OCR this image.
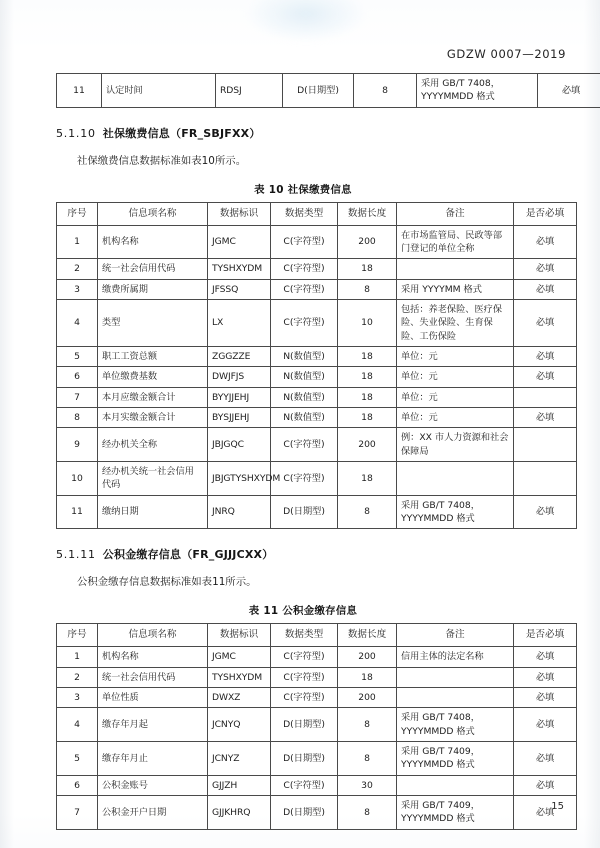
GDZW 0007—2019
11	认定时间	RDSJ	D(日期型)	8	采用 GB/T 7408，YYYYMMDD 格式	必填
5.1.10 社保缴费信息（FR_SBJFXX）

社保缴费信息数据标准如表10所示。

表 10 社保缴费信息
序号	信息项名称	数据标识	数据类型	数据长度	备注	是否必填
1	机构名称	JGMC	C(字符型)	200	在市场监管局、民政等部门登记的单位全称	必填
2	统一社会信用代码	TYSHXYDM	C(字符型)	18		必填
3	缴费所属期	JFSSQ	C(字符型)	8	采用 YYYYMM 格式	必填
4	类型	LX	C(字符型)	10	包括：养老保险、医疗保险、失业保险、生育保险、工伤保险	必填
5	职工工资总额	ZGGZZE	N(数值型)	18	单位：元	必填
6	单位缴费基数	DWJFJS	N(数值型)	18	单位：元	必填
7	本月应缴金额合计	BYYJJEHJ	N(数值型)	18	单位：元	
8	本月实缴金额合计	BYSJJEHJ	N(数值型)	18	单位：元	必填
9	经办机关全称	JBJGQC	C(字符型)	200	例：XX 市人力资源和社会保障局	
10	经办机关统一社会信用代码	JBJGTYSHXYDM	C(字符型)	18		
11	缴纳日期	JNRQ	D(日期型)	8	采用 GB/T 7408，YYYYMMDD 格式	必填
5.1.11 公积金缴存信息（FR_GJJJCXX）

公积金缴存信息数据标准如表11所示。

表 11 公积金缴存信息
序号	信息项名称	数据标识	数据类型	数据长度	备注	是否必填
1	机构名称	JGMC	C(字符型)	200	信用主体的法定名称	必填
2	统一社会信用代码	TYSHXYDM	C(字符型)	18		必填
3	单位性质	DWXZ	C(字符型)	200		必填
4	缴存年月起	JCNYQ	D(日期型)	8	采用 GB/T 7408，YYYYMMDD 格式	必填
5	缴存年月止	JCNYZ	D(日期型)	8	采用 GB/T 7409，YYYYMMDD 格式	必填
6	公积金账号	GJJZH	C(字符型)	30		必填
7	公积金开户日期	GJJKHRQ	D(日期型)	8	采用 GB/T 7409，YYYYMMDD 格式	必填
15
